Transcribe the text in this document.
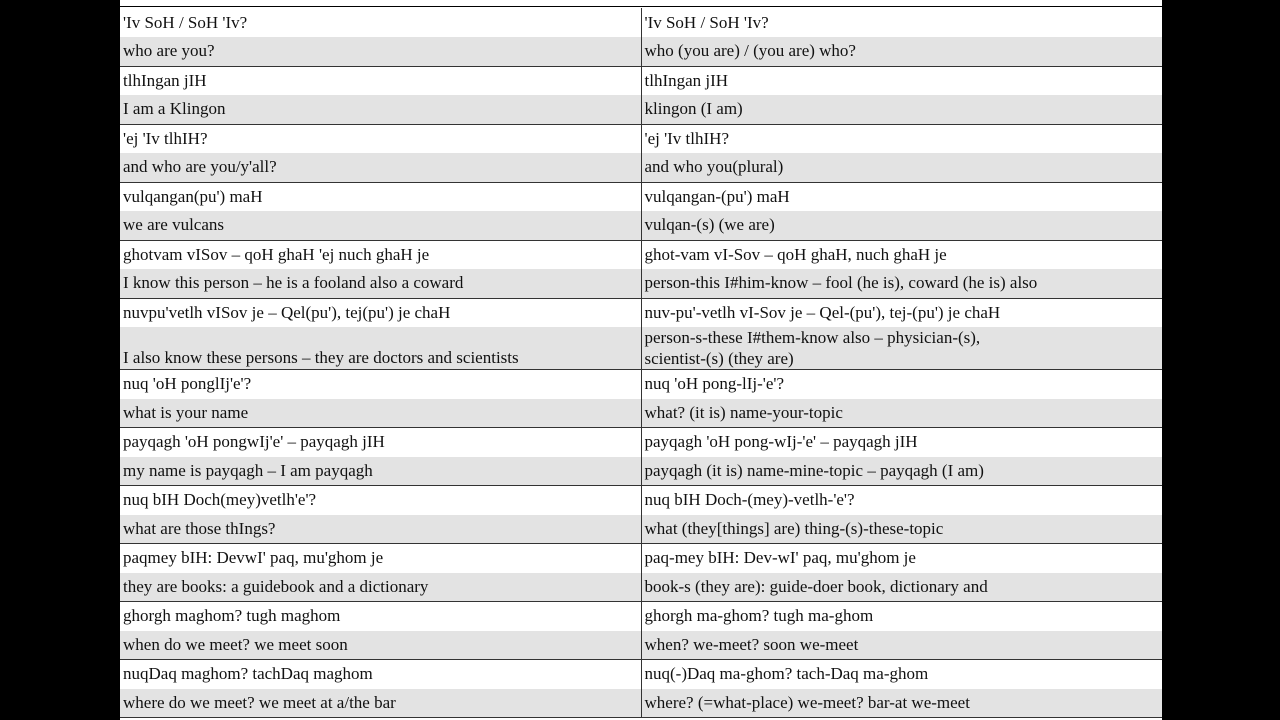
'Iv SoH / SoH 'Iv?	'Iv SoH / SoH 'Iv?
who are you?	who (you are) / (you are) who?
tlhIngan jIH	tlhIngan jIH
I am a Klingon	klingon (I am)
'ej 'Iv tlhIH?	'ej 'Iv tlhIH?
and who are you/y'all?	and who you(plural)
vulqangan(pu') maH	vulqangan-(pu') maH
we are vulcans	vulqan-(s) (we are)
ghotvam vISov – qoH ghaH 'ej nuch ghaH je	ghot-vam vI-Sov – qoH ghaH, nuch ghaH je
I know this person – he is a fooland also a coward	person-this I#him-know – fool (he is), coward (he is) also
nuvpu'vetlh vISov je – Qel(pu'), tej(pu') je chaH	nuv-pu'-vetlh vI-Sov je – Qel-(pu'), tej-(pu') je chaH
I also know these persons – they are doctors and scientists	person-s-these I#them-know also – physician-(s), scientist-(s) (they are)
nuq 'oH ponglIj'e'?	nuq 'oH pong-lIj-'e'?
what is your name	what? (it is) name-your-topic
payqagh 'oH pongwIj'e' – payqagh jIH	payqagh 'oH pong-wIj-'e' – payqagh jIH
my name is payqagh – I am payqagh	payqagh (it is) name-mine-topic – payqagh (I am)
nuq bIH Doch(mey)vetlh'e'?	nuq bIH Doch-(mey)-vetlh-'e'?
what are those thIngs?	what (they[things] are) thing-(s)-these-topic
paqmey bIH: DevwI' paq, mu'ghom je	paq-mey bIH: Dev-wI' paq, mu'ghom je
they are books: a guidebook and a dictionary	book-s (they are): guide-doer book, dictionary and
ghorgh maghom? tugh maghom	ghorgh ma-ghom? tugh ma-ghom
when do we meet? we meet soon	when? we-meet? soon we-meet
nuqDaq maghom? tachDaq maghom	nuq(-)Daq ma-ghom? tach-Daq ma-ghom
where do we meet? we meet at a/the bar	where? (=what-place) we-meet? bar-at we-meet
